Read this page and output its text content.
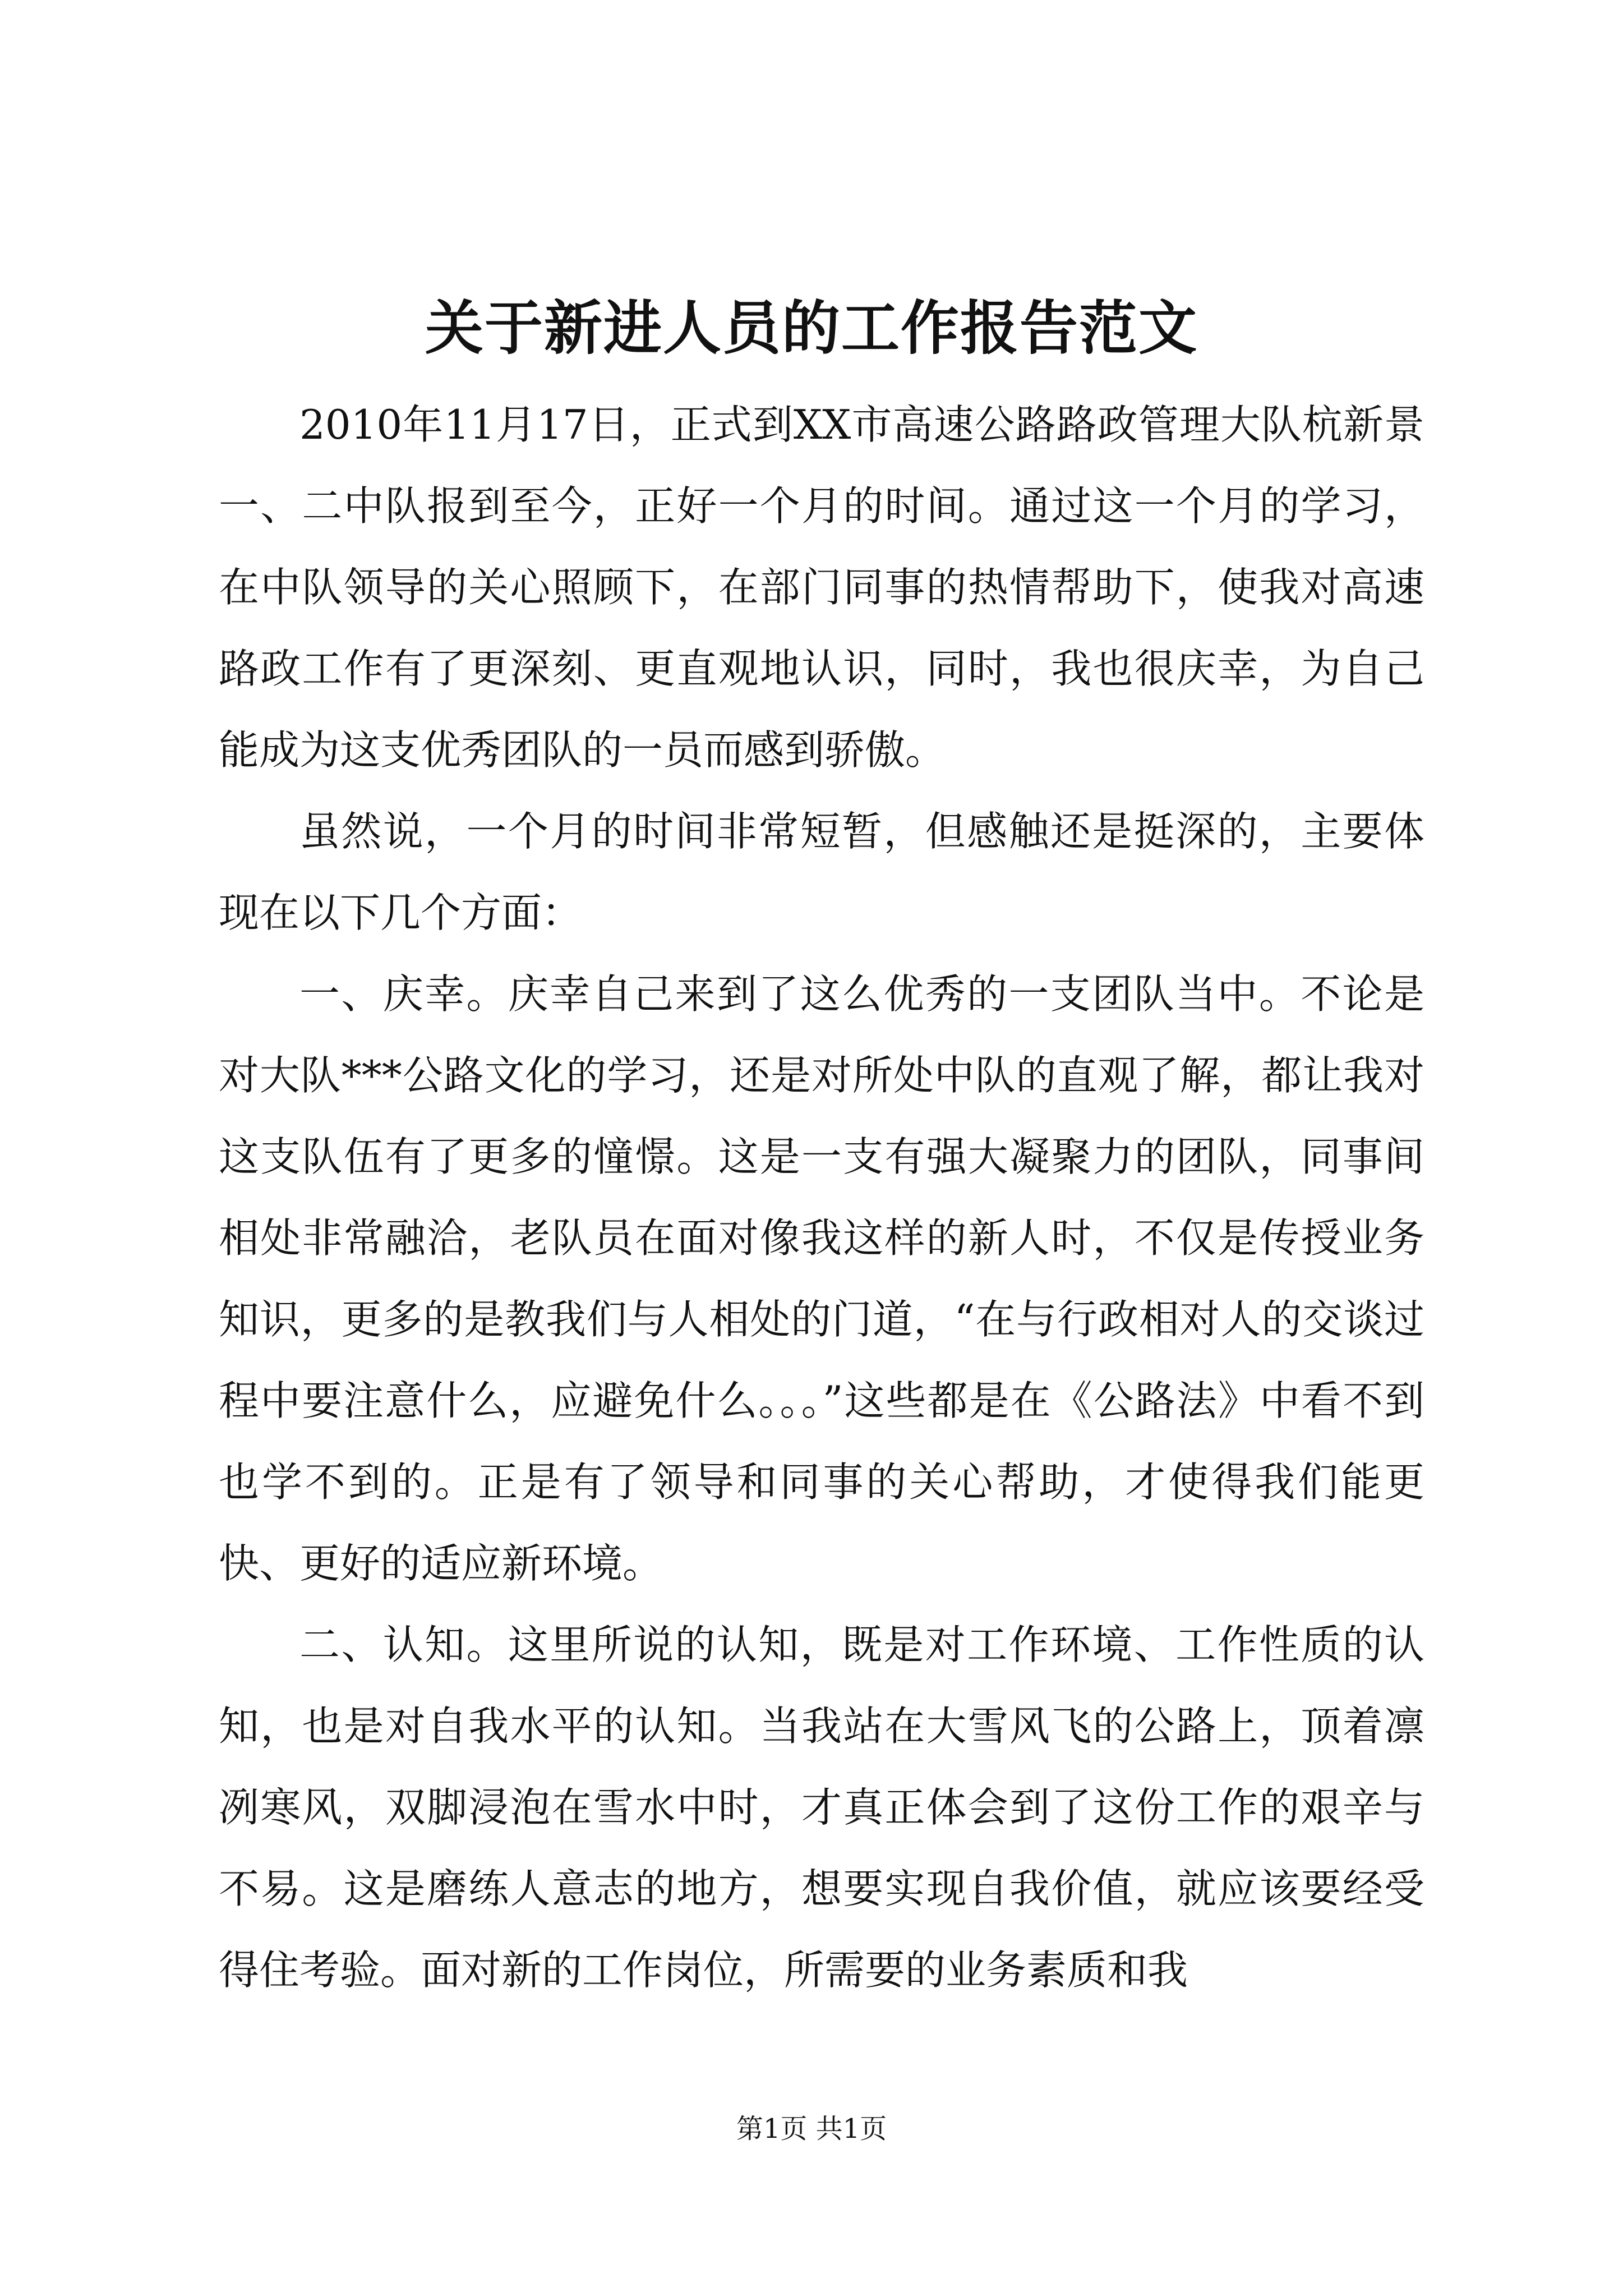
关于新进人员的工作报告范文

2010年11月17日，正式到XX市高速公路路政管理大队杭新景一、二中队报到至今，正好一个月的时间。通过这一个月的学习，在中队领导的关心照顾下，在部门同事的热情帮助下，使我对高速路政工作有了更深刻、更直观地认识，同时，我也很庆幸，为自己能成为这支优秀团队的一员而感到骄傲。

虽然说，一个月的时间非常短暂，但感触还是挺深的，主要体现在以下几个方面：

一、庆幸。庆幸自己来到了这么优秀的一支团队当中。不论是对大队***公路文化的学习，还是对所处中队的直观了解，都让我对这支队伍有了更多的憧憬。这是一支有强大凝聚力的团队，同事间相处非常融洽，老队员在面对像我这样的新人时，不仅是传授业务知识，更多的是教我们与人相处的门道，“在与行政相对人的交谈过程中要注意什么，应避免什么。。。”这些都是在《公路法》中看不到也学不到的。正是有了领导和同事的关心帮助，才使得我们能更快、更好的适应新环境。

二、认知。这里所说的认知，既是对工作环境、工作性质的认知，也是对自我水平的认知。当我站在大雪风飞的公路上，顶着凛冽寒风，双脚浸泡在雪水中时，才真正体会到了这份工作的艰辛与不易。这是磨练人意志的地方，想要实现自我价值，就应该要经受得住考验。面对新的工作岗位，所需要的业务素质和我

第1页 共1页
